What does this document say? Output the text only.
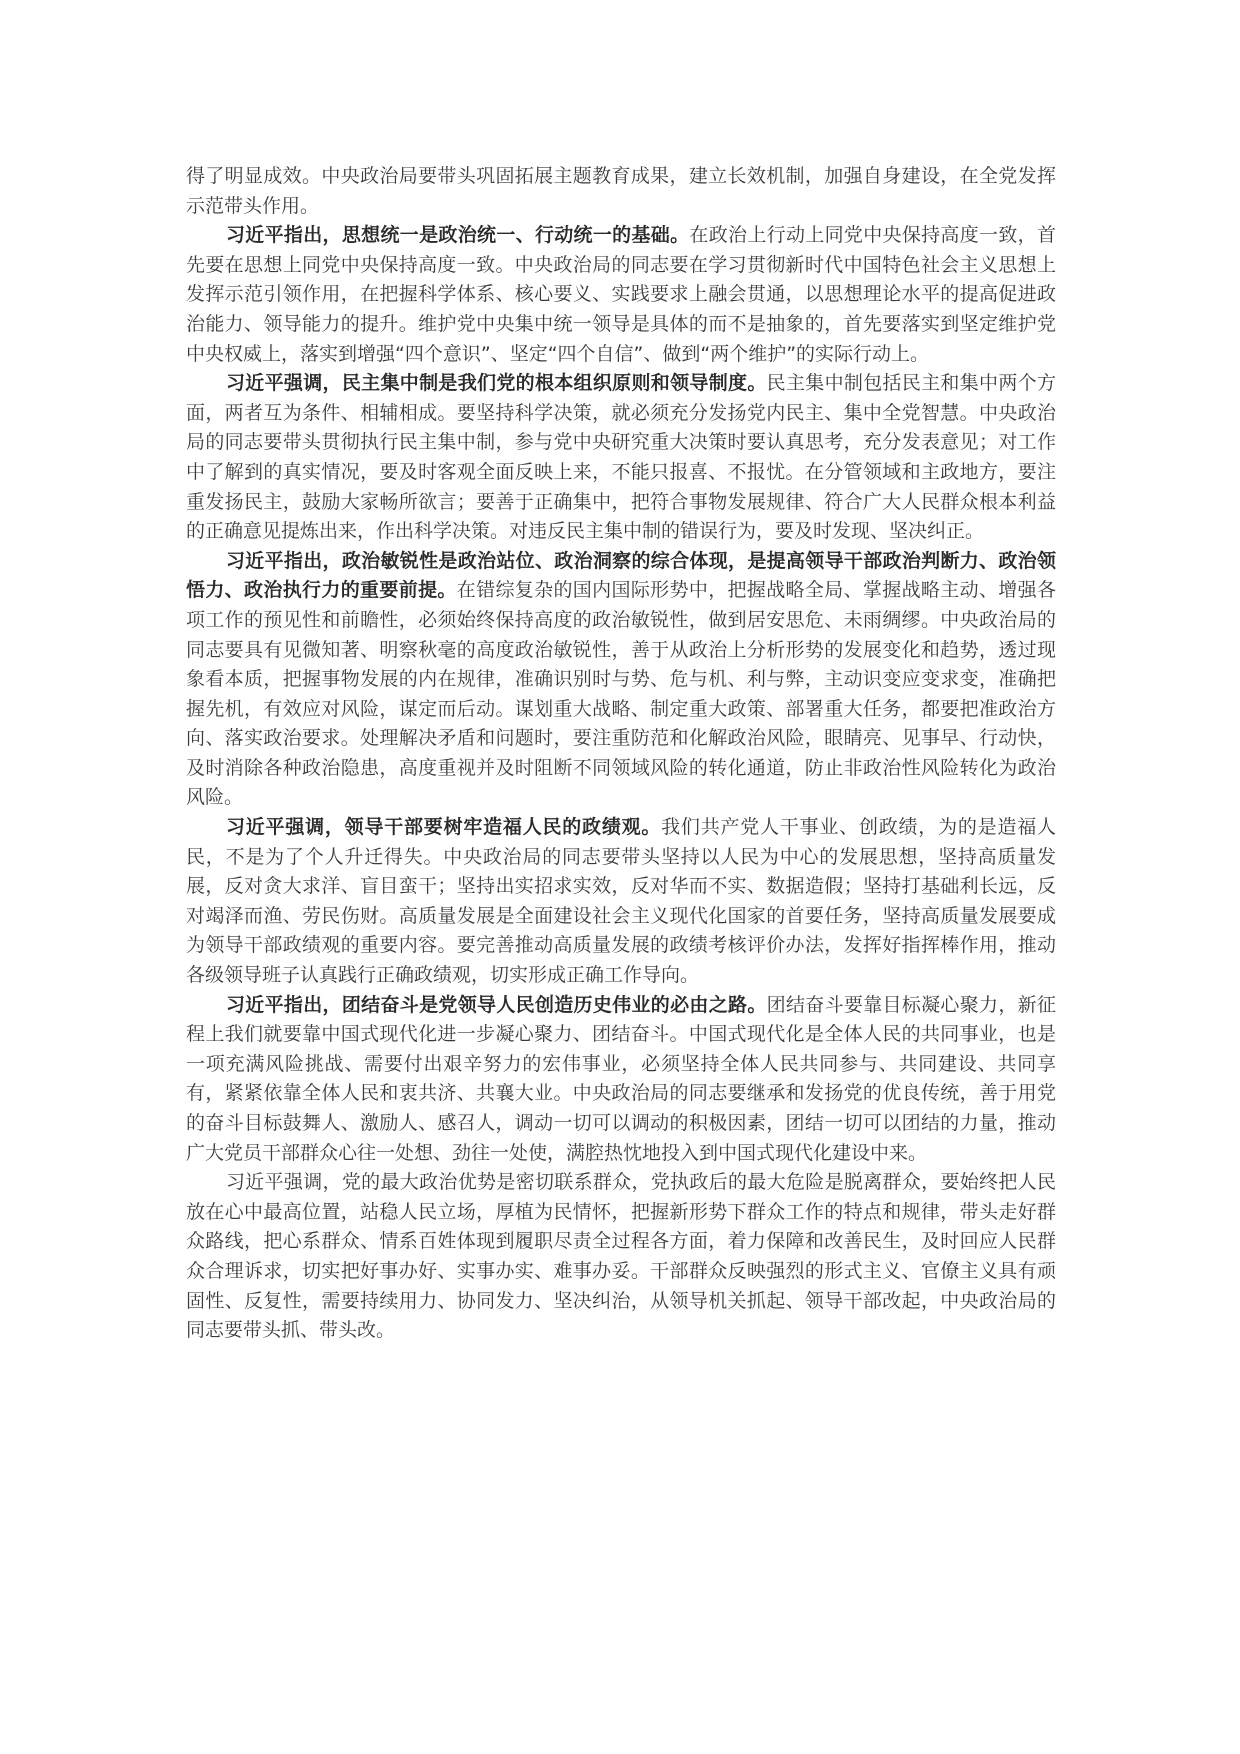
得了明显成效。中央政治局要带头巩固拓展主题教育成果，建立长效机制，加强自身建设，在全党发挥示范带头作用。

习近平指出，思想统一是政治统一、行动统一的基础。在政治上行动上同党中央保持高度一致，首先要在思想上同党中央保持高度一致。中央政治局的同志要在学习贯彻新时代中国特色社会主义思想上发挥示范引领作用，在把握科学体系、核心要义、实践要求上融会贯通，以思想理论水平的提高促进政治能力、领导能力的提升。维护党中央集中统一领导是具体的而不是抽象的，首先要落实到坚定维护党中央权威上，落实到增强“四个意识”、坚定“四个自信”、做到“两个维护”的实际行动上。

习近平强调，民主集中制是我们党的根本组织原则和领导制度。民主集中制包括民主和集中两个方面，两者互为条件、相辅相成。要坚持科学决策，就必须充分发扬党内民主、集中全党智慧。中央政治局的同志要带头贯彻执行民主集中制，参与党中央研究重大决策时要认真思考，充分发表意见；对工作中了解到的真实情况，要及时客观全面反映上来，不能只报喜、不报忧。在分管领域和主政地方，要注重发扬民主，鼓励大家畅所欲言；要善于正确集中，把符合事物发展规律、符合广大人民群众根本利益的正确意见提炼出来，作出科学决策。对违反民主集中制的错误行为，要及时发现、坚决纠正。

习近平指出，政治敏锐性是政治站位、政治洞察的综合体现，是提高领导干部政治判断力、政治领悟力、政治执行力的重要前提。在错综复杂的国内国际形势中，把握战略全局、掌握战略主动、增强各项工作的预见性和前瞻性，必须始终保持高度的政治敏锐性，做到居安思危、未雨绸缪。中央政治局的同志要具有见微知著、明察秋毫的高度政治敏锐性，善于从政治上分析形势的发展变化和趋势，透过现象看本质，把握事物发展的内在规律，准确识别时与势、危与机、利与弊，主动识变应变求变，准确把握先机，有效应对风险，谋定而后动。谋划重大战略、制定重大政策、部署重大任务，都要把准政治方向、落实政治要求。处理解决矛盾和问题时，要注重防范和化解政治风险，眼睛亮、见事早、行动快，及时消除各种政治隐患，高度重视并及时阻断不同领域风险的转化通道，防止非政治性风险转化为政治风险。

习近平强调，领导干部要树牢造福人民的政绩观。我们共产党人干事业、创政绩，为的是造福人民，不是为了个人升迁得失。中央政治局的同志要带头坚持以人民为中心的发展思想，坚持高质量发展，反对贪大求洋、盲目蛮干；坚持出实招求实效，反对华而不实、数据造假；坚持打基础利长远，反对竭泽而渔、劳民伤财。高质量发展是全面建设社会主义现代化国家的首要任务，坚持高质量发展要成为领导干部政绩观的重要内容。要完善推动高质量发展的政绩考核评价办法，发挥好指挥棒作用，推动各级领导班子认真践行正确政绩观，切实形成正确工作导向。

习近平指出，团结奋斗是党领导人民创造历史伟业的必由之路。团结奋斗要靠目标凝心聚力，新征程上我们就要靠中国式现代化进一步凝心聚力、团结奋斗。中国式现代化是全体人民的共同事业，也是一项充满风险挑战、需要付出艰辛努力的宏伟事业，必须坚持全体人民共同参与、共同建设、共同享有，紧紧依靠全体人民和衷共济、共襄大业。中央政治局的同志要继承和发扬党的优良传统，善于用党的奋斗目标鼓舞人、激励人、感召人，调动一切可以调动的积极因素，团结一切可以团结的力量，推动广大党员干部群众心往一处想、劲往一处使，满腔热忱地投入到中国式现代化建设中来。

习近平强调，党的最大政治优势是密切联系群众，党执政后的最大危险是脱离群众，要始终把人民放在心中最高位置，站稳人民立场，厚植为民情怀，把握新形势下群众工作的特点和规律，带头走好群众路线，把心系群众、情系百姓体现到履职尽责全过程各方面，着力保障和改善民生，及时回应人民群众合理诉求，切实把好事办好、实事办实、难事办妥。干部群众反映强烈的形式主义、官僚主义具有顽固性、反复性，需要持续用力、协同发力、坚决纠治，从领导机关抓起、领导干部改起，中央政治局的同志要带头抓、带头改。
